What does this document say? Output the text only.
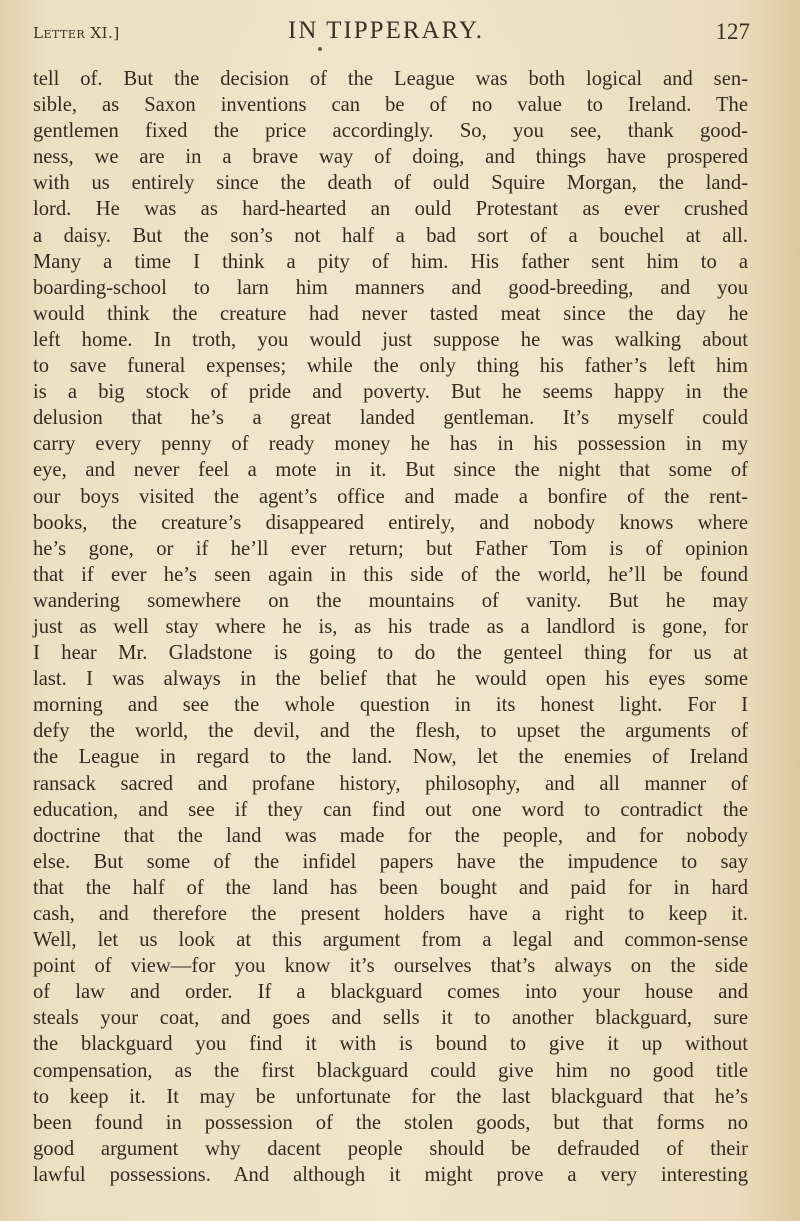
Letter XI.]	IN TIPPERARY.	127
tell of. But the decision of the League was both logical and sen-
sible, as Saxon inventions can be of no value to Ireland. The
gentlemen fixed the price accordingly. So, you see, thank good-
ness, we are in a brave way of doing, and things have prospered
with us entirely since the death of ould Squire Morgan, the land-
lord. He was as hard-hearted an ould Protestant as ever crushed
a daisy. But the son’s not half a bad sort of a bouchel at all.
Many a time I think a pity of him. His father sent him to a
boarding-school to larn him manners and good-breeding, and you
would think the creature had never tasted meat since the day he
left home. In troth, you would just suppose he was walking about
to save funeral expenses; while the only thing his father’s left him
is a big stock of pride and poverty. But he seems happy in the
delusion that he’s a great landed gentleman. It’s myself could
carry every penny of ready money he has in his possession in my
eye, and never feel a mote in it. But since the night that some of
our boys visited the agent’s office and made a bonfire of the rent-
books, the creature’s disappeared entirely, and nobody knows where
he’s gone, or if he’ll ever return; but Father Tom is of opinion
that if ever he’s seen again in this side of the world, he’ll be found
wandering somewhere on the mountains of vanity. But he may
just as well stay where he is, as his trade as a landlord is gone, for
I hear Mr. Gladstone is going to do the genteel thing for us at
last. I was always in the belief that he would open his eyes some
morning and see the whole question in its honest light. For I
defy the world, the devil, and the flesh, to upset the arguments of
the League in regard to the land. Now, let the enemies of Ireland
ransack sacred and profane history, philosophy, and all manner of
education, and see if they can find out one word to contradict the
doctrine that the land was made for the people, and for nobody
else. But some of the infidel papers have the impudence to say
that the half of the land has been bought and paid for in hard
cash, and therefore the present holders have a right to keep it.
Well, let us look at this argument from a legal and common-sense
point of view—for you know it’s ourselves that’s always on the side
of law and order. If a blackguard comes into your house and
steals your coat, and goes and sells it to another blackguard, sure
the blackguard you find it with is bound to give it up without
compensation, as the first blackguard could give him no good title
to keep it. It may be unfortunate for the last blackguard that he’s
been found in possession of the stolen goods, but that forms no
good argument why dacent people should be defrauded of their
lawful possessions. And although it might prove a very interesting
